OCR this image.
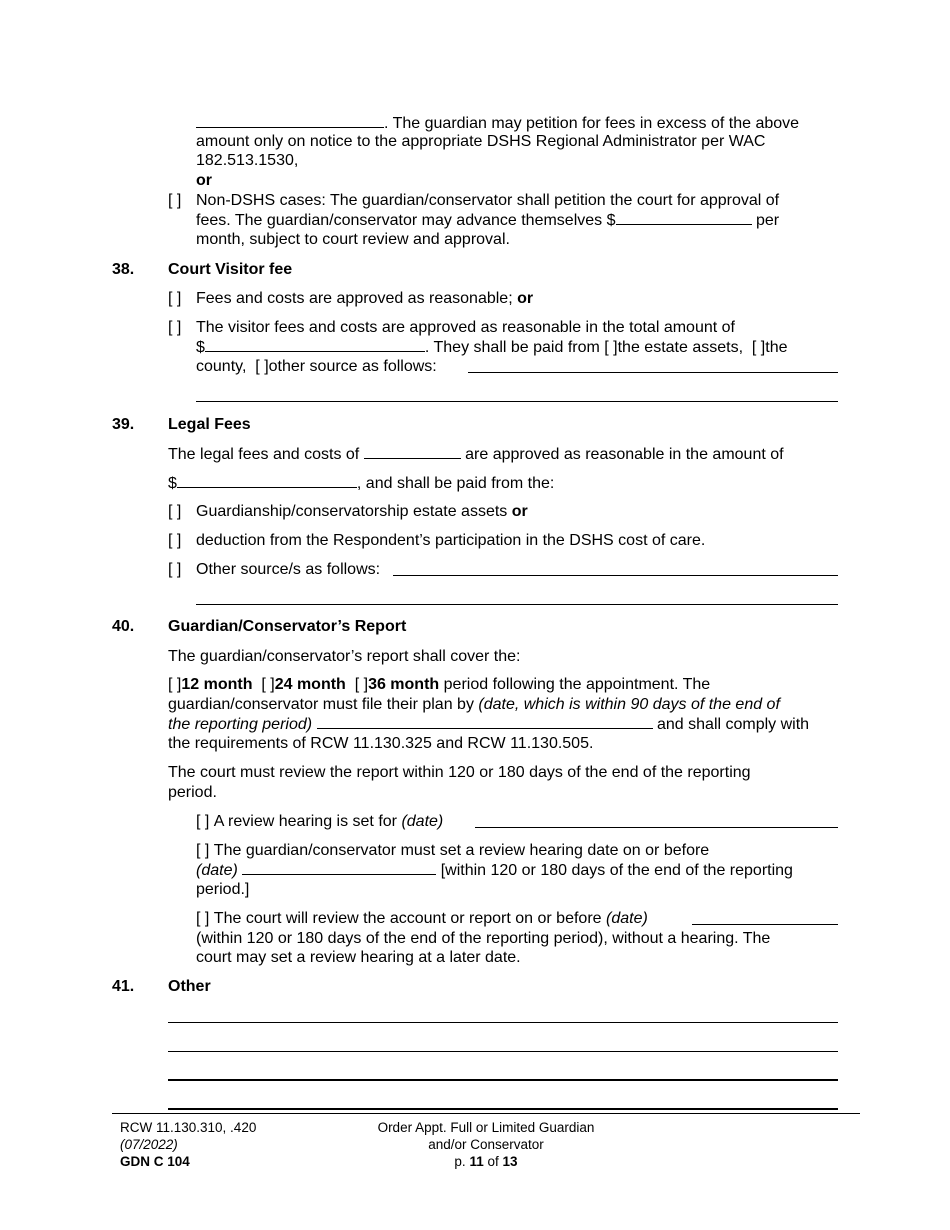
. The guardian may petition for fees in excess of the above
amount only on notice to the appropriate DSHS Regional Administrator per WAC
182.513.1530,
or
[ ] Non-DSHS cases: The guardian/conservator shall petition the court for approval of
fees. The guardian/conservator may advance themselves $	per
month, subject to court review and approval.
38. Court Visitor fee
[ ] Fees and costs are approved as reasonable; or
[ ] The visitor fees and costs are approved as reasonable in the total amount of
$	. They shall be paid from [ ]the estate assets, [ ]the
county, [ ]other source as follows:
39. Legal Fees
The legal fees and costs of	are approved as reasonable in the amount of
$	, and shall be paid from the:
[ ] Guardianship/conservatorship estate assets or
[ ] deduction from the Respondent’s participation in the DSHS cost of care.
[ ] Other source/s as follows:
40. Guardian/Conservator’s Report
The guardian/conservator’s report shall cover the:
[ ]12 month [ ]24 month [ ]36 month period following the appointment. The
guardian/conservator must file their plan by (date, which is within 90 days of the end of
the reporting period)	and shall comply with
the requirements of RCW 11.130.325 and RCW 11.130.505.
The court must review the report within 120 or 180 days of the end of the reporting
period.
[ ] A review hearing is set for (date)
[ ] The guardian/conservator must set a review hearing date on or before
(date)	[within 120 or 180 days of the end of the reporting
period.]
[ ] The court will review the account or report on or before (date)
(within 120 or 180 days of the end of the reporting period), without a hearing. The
court may set a review hearing at a later date.
41. Other
RCW 11.130.310, .420
(07/2022)
GDN C 104
Order Appt. Full or Limited Guardian
and/or Conservator
p. 11 of 13
